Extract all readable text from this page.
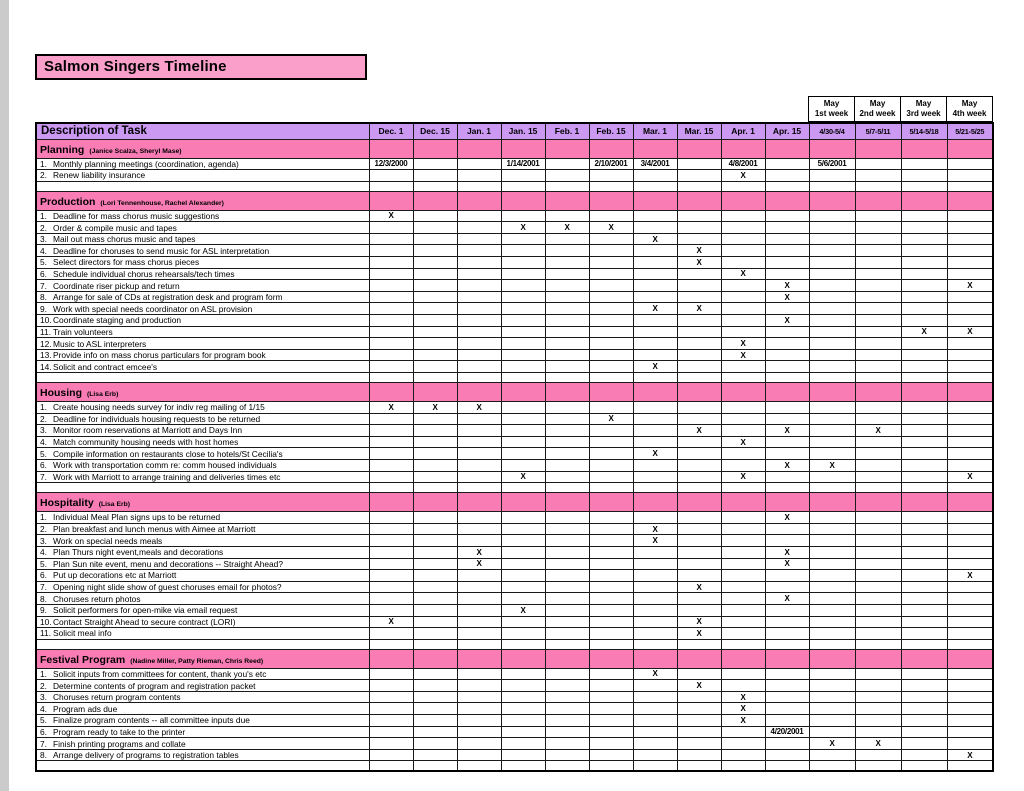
Salmon Singers Timeline
May
1st week

May
2nd week

May
3rd week

May
4th week
Description of Task	Dec. 1	Dec. 15	Jan. 1	Jan. 15	Feb. 1	Feb. 15	Mar. 1	Mar. 15	Apr. 1	Apr. 15	4/30-5/4	5/7-5/11	5/14-5/18	5/21-5/25
Planning (Janice Scalza, Sheryl Mase)														
1. Monthly planning meetings (coordination, agenda)	12/3/2000			1/14/2001		2/10/2001	3/4/2001		4/8/2001		5/6/2001			
2. Renew liability insurance									X					

Production (Lori Tennenhouse, Rachel Alexander)														
1. Deadline for mass chorus music suggestions	X													
2. Order & compile music and tapes				X	X	X								
3. Mail out mass chorus music and tapes							X							
4. Deadline for choruses to send music for ASL interpretation								X						
5. Select directors for mass chorus pieces								X						
6. Schedule individual chorus rehearsals/tech times									X					
7. Coordinate riser pickup and return										X				X
8. Arrange for sale of CDs at registration desk and program form										X				
9. Work with special needs coordinator on ASL provision							X	X						
10.Coordinate staging and production										X				
11. Train volunteers													X	X
12.Music to ASL interpreters									X					
13.Provide info on mass chorus particulars for program book									X					
14.Solicit and contract emcee's							X							

Housing (Lisa Erb)														
1. Create housing needs survey for indiv reg mailing of 1/15	X	X	X											
2. Deadline for individuals housing requests to be returned						X								
3. Monitor room reservations at Marriott and Days Inn								X		X		X		
4. Match community housing needs with host homes									X					
5. Compile information on restaurants close to hotels/St Cecilia's							X							
6. Work with transportation comm re: comm housed individuals										X	X			
7. Work with Marriott to arrange training and deliveries times etc				X					X					X

Hospitality (Lisa Erb)														
1. Individual Meal Plan signs ups to be returned										X				
2. Plan breakfast and lunch menus with Aimee at Marriott							X							
3. Work on special needs meals							X							
4. Plan Thurs night event,meals and decorations			X							X				
5. Plan Sun nite event, menu and decorations -- Straight Ahead?			X							X				
6. Put up decorations etc at Marriott														X
7. Opening night slide show of guest choruses email for photos?								X						
8. Choruses return photos										X				
9. Solicit performers for open-mike via email request				X										
10.Contact Straight Ahead to secure contract (LORI)	X							X						
11. Solicit meal info								X						

Festival Program (Nadine Miller, Patty Rieman, Chris Reed)														
1. Solicit inputs from committees for content, thank you's etc							X							
2. Determine contents of program and registration packet								X						
3. Choruses return program contents									X					
4. Program ads due									X					
5. Finalize program contents -- all committee inputs due									X					
6. Program ready to take to the printer										4/20/2001				
7. Finish printing programs and collate											X	X		
8. Arrange delivery of programs to registration tables														X
